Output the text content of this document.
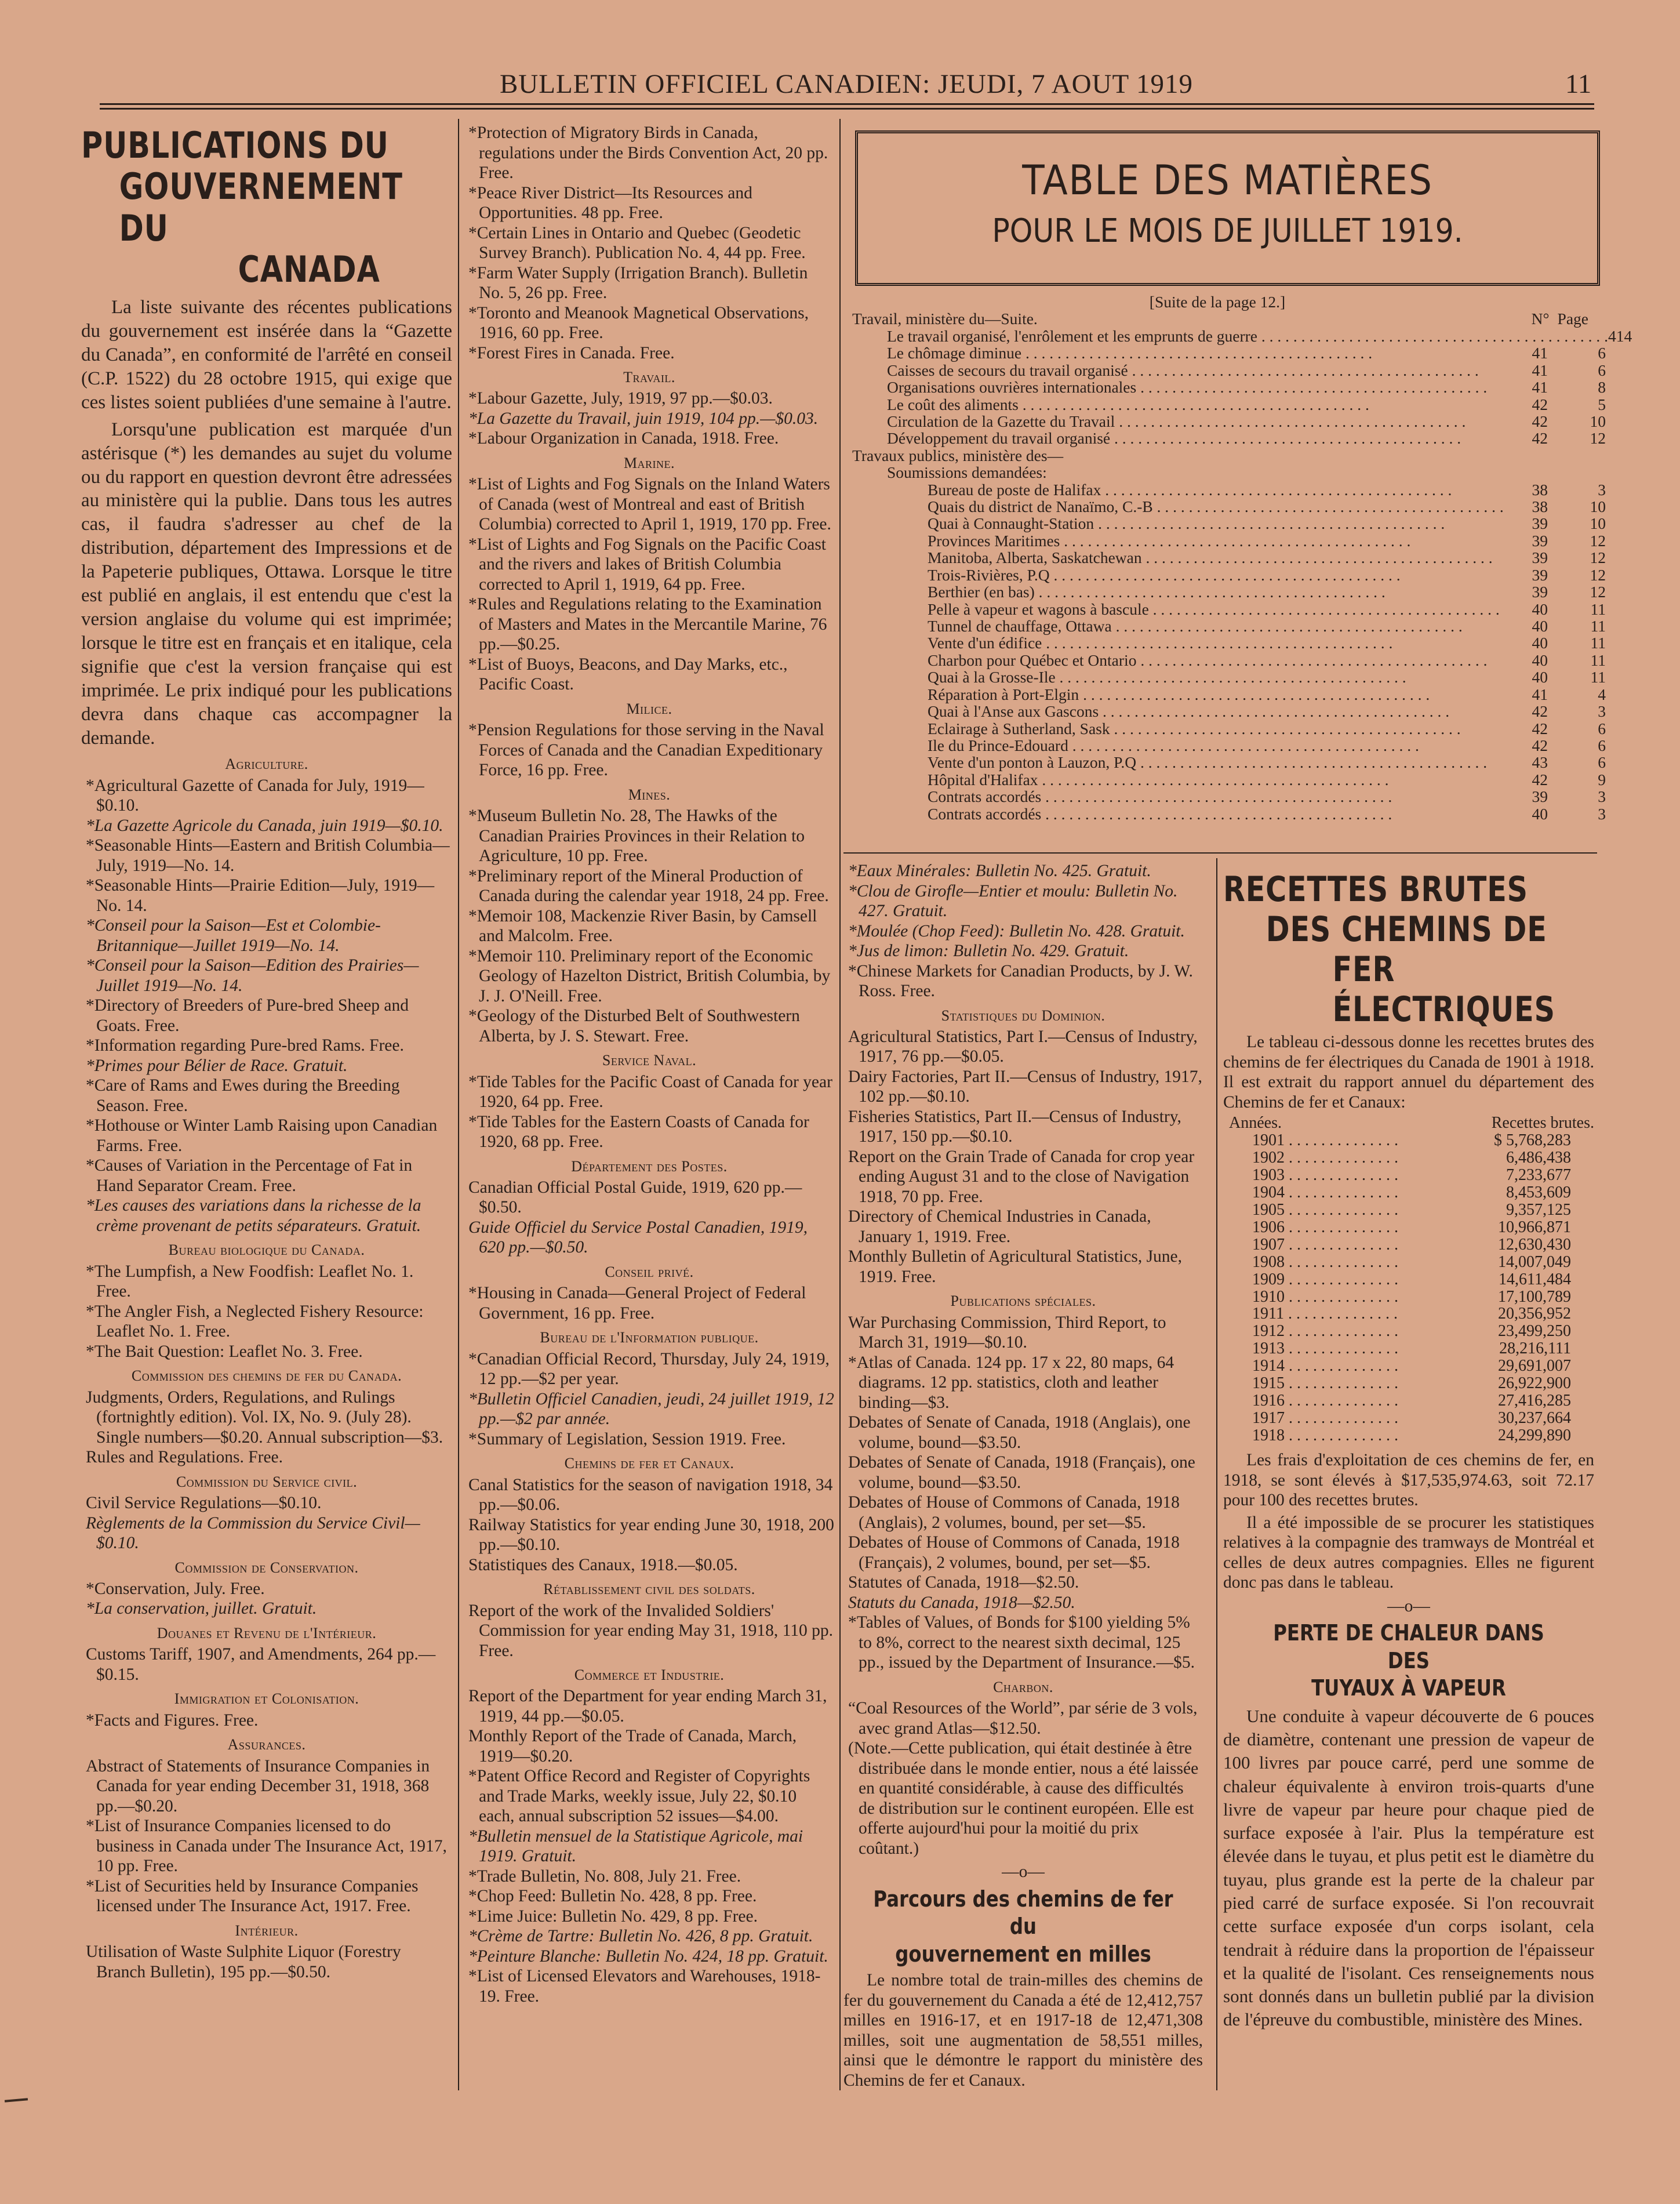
BULLETIN OFFICIEL CANADIEN: JEUDI, 7 AOUT 1919	11
PUBLICATIONS DU
GOUVERNEMENT DU
CANADA

La liste suivante des récentes publications du gouvernement est insérée dans la “Gazette du Canada”, en conformité de l'arrêté en conseil (C.P. 1522) du 28 octobre 1915, qui exige que ces listes soient publiées d'une semaine à l'autre.

Lorsqu'une publication est marquée d'un astérisque (*) les demandes au sujet du volume ou du rapport en question devront être adressées au ministère qui la publie. Dans tous les autres cas, il faudra s'adresser au chef de la distribution, département des Impressions et de la Papeterie publiques, Ottawa. Lorsque le titre est publié en anglais, il est entendu que c'est la version anglaise du volume qui est imprimée; lorsque le titre est en français et en italique, cela signifie que c'est la version française qui est imprimée. Le prix indiqué pour les publications devra dans chaque cas accompagner la demande.

Agriculture.

*Agricultural Gazette of Canada for July, 1919—$0.10.

*La Gazette Agricole du Canada, juin 1919—$0.10.

*Seasonable Hints—Eastern and British Columbia—July, 1919—No. 14.

*Seasonable Hints—Prairie Edition—July, 1919—No. 14.

*Conseil pour la Saison—Est et Colombie-Britannique—Juillet 1919—No. 14.

*Conseil pour la Saison—Edition des Prairies—Juillet 1919—No. 14.

*Directory of Breeders of Pure-bred Sheep and Goats. Free.

*Information regarding Pure-bred Rams. Free.

*Primes pour Bélier de Race. Gratuit.

*Care of Rams and Ewes during the Breeding Season. Free.

*Hothouse or Winter Lamb Raising upon Canadian Farms. Free.

*Causes of Variation in the Percentage of Fat in Hand Separator Cream. Free.

*Les causes des variations dans la richesse de la crème provenant de petits séparateurs. Gratuit.

Bureau biologique du Canada.

*The Lumpfish, a New Foodfish: Leaflet No. 1. Free.

*The Angler Fish, a Neglected Fishery Resource: Leaflet No. 1. Free.

*The Bait Question: Leaflet No. 3. Free.

Commission des chemins de fer du Canada.

Judgments, Orders, Regulations, and Rulings (fortnightly edition). Vol. IX, No. 9. (July 28). Single numbers—$0.20. Annual subscription—$3.

Rules and Regulations. Free.

Commission du Service civil.

Civil Service Regulations—$0.10.

Règlements de la Commission du Service Civil—$0.10.

Commission de Conservation.

*Conservation, July. Free.

*La conservation, juillet. Gratuit.

Douanes et Revenu de l'Intérieur.

Customs Tariff, 1907, and Amendments, 264 pp.—$0.15.

Immigration et Colonisation.

*Facts and Figures. Free.

Assurances.

Abstract of Statements of Insurance Companies in Canada for year ending December 31, 1918, 368 pp.—$0.20.

*List of Insurance Companies licensed to do business in Canada under The Insurance Act, 1917, 10 pp. Free.

*List of Securities held by Insurance Companies licensed under The Insurance Act, 1917. Free.

Intérieur.

Utilisation of Waste Sulphite Liquor (Forestry Branch Bulletin), 195 pp.—$0.50.

*Protection of Migratory Birds in Canada, regulations under the Birds Convention Act, 20 pp. Free.

*Peace River District—Its Resources and Opportunities. 48 pp. Free.

*Certain Lines in Ontario and Quebec (Geodetic Survey Branch). Publication No. 4, 44 pp. Free.

*Farm Water Supply (Irrigation Branch). Bulletin No. 5, 26 pp. Free.

*Toronto and Meanook Magnetical Observations, 1916, 60 pp. Free.

*Forest Fires in Canada. Free.

Travail.

*Labour Gazette, July, 1919, 97 pp.—$0.03.

*La Gazette du Travail, juin 1919, 104 pp.—$0.03.

*Labour Organization in Canada, 1918. Free.

Marine.

*List of Lights and Fog Signals on the Inland Waters of Canada (west of Montreal and east of British Columbia) corrected to April 1, 1919, 170 pp. Free.

*List of Lights and Fog Signals on the Pacific Coast and the rivers and lakes of British Columbia corrected to April 1, 1919, 64 pp. Free.

*Rules and Regulations relating to the Examination of Masters and Mates in the Mercantile Marine, 76 pp.—$0.25.

*List of Buoys, Beacons, and Day Marks, etc., Pacific Coast.

Milice.

*Pension Regulations for those serving in the Naval Forces of Canada and the Canadian Expeditionary Force, 16 pp. Free.

Mines.

*Museum Bulletin No. 28, The Hawks of the Canadian Prairies Provinces in their Relation to Agriculture, 10 pp. Free.

*Preliminary report of the Mineral Production of Canada during the calendar year 1918, 24 pp. Free.

*Memoir 108, Mackenzie River Basin, by Camsell and Malcolm. Free.

*Memoir 110. Preliminary report of the Economic Geology of Hazelton District, British Columbia, by J. J. O'Neill. Free.

*Geology of the Disturbed Belt of Southwestern Alberta, by J. S. Stewart. Free.

Service Naval.

*Tide Tables for the Pacific Coast of Canada for year 1920, 64 pp. Free.

*Tide Tables for the Eastern Coasts of Canada for 1920, 68 pp. Free.

Département des Postes.

Canadian Official Postal Guide, 1919, 620 pp.—$0.50.

Guide Officiel du Service Postal Canadien, 1919, 620 pp.—$0.50.

Conseil privé.

*Housing in Canada—General Project of Federal Government, 16 pp. Free.

Bureau de l'Information publique.

*Canadian Official Record, Thursday, July 24, 1919, 12 pp.—$2 per year.

*Bulletin Officiel Canadien, jeudi, 24 juillet 1919, 12 pp.—$2 par année.

*Summary of Legislation, Session 1919. Free.

Chemins de fer et Canaux.

Canal Statistics for the season of navigation 1918, 34 pp.—$0.06.

Railway Statistics for year ending June 30, 1918, 200 pp.—$0.10.

Statistiques des Canaux, 1918.—$0.05.

Rétablissement civil des soldats.

Report of the work of the Invalided Soldiers' Commission for year ending May 31, 1918, 110 pp. Free.

Commerce et Industrie.

Report of the Department for year ending March 31, 1919, 44 pp.—$0.05.

Monthly Report of the Trade of Canada, March, 1919—$0.20.

*Patent Office Record and Register of Copyrights and Trade Marks, weekly issue, July 22, $0.10 each, annual subscription 52 issues—$4.00.

*Bulletin mensuel de la Statistique Agricole, mai 1919. Gratuit.

*Trade Bulletin, No. 808, July 21. Free.

*Chop Feed: Bulletin No. 428, 8 pp. Free.

*Lime Juice: Bulletin No. 429, 8 pp. Free.

*Crème de Tartre: Bulletin No. 426, 8 pp. Gratuit.

*Peinture Blanche: Bulletin No. 424, 18 pp. Gratuit.

*List of Licensed Elevators and Warehouses, 1918-19. Free.

TABLE DES MATIÈRES
POUR LE MOIS DE JUILLET 1919.
[Suite de la page 12.]
Travail, ministère du—Suite.	N° Page
Le travail organisé, l'enrôlement et les emprunts de guerre . . . . . . . . . . . . . . . . . . . . . . . . . . . . . . . . . . . . . . . . . . . . 41 4
Le chômage diminue . . . . . . . . . . . . . . . . . . . . . . . . . . . . . . . . . . . . . . . . . . . .	41	6
Caisses de secours du travail organisé . . . . . . . . . . . . . . . . . . . . . . . . . . . . . . . . . . . . . . . . . . . .	41	6
Organisations ouvrières internationales . . . . . . . . . . . . . . . . . . . . . . . . . . . . . . . . . . . . . . . . . . . .	41	8
Le coût des aliments . . . . . . . . . . . . . . . . . . . . . . . . . . . . . . . . . . . . . . . . . . . .	42	5
Circulation de la Gazette du Travail . . . . . . . . . . . . . . . . . . . . . . . . . . . . . . . . . . . . . . . . . . . .	42	10
Développement du travail organisé . . . . . . . . . . . . . . . . . . . . . . . . . . . . . . . . . . . . . . . . . . . .	42	12
Travaux publics, ministère des—
Soumissions demandées:
Bureau de poste de Halifax . . . . . . . . . . . . . . . . . . . . . . . . . . . . . . . . . . . . . . . . . . . .	38	3
Quais du district de Nanaïmo, C.-B . . . . . . . . . . . . . . . . . . . . . . . . . . . . . . . . . . . . . . . . . . . .	38	10
Quai à Connaught-Station . . . . . . . . . . . . . . . . . . . . . . . . . . . . . . . . . . . . . . . . . . . .	39	10
Provinces Maritimes . . . . . . . . . . . . . . . . . . . . . . . . . . . . . . . . . . . . . . . . . . . .	39	12
Manitoba, Alberta, Saskatchewan . . . . . . . . . . . . . . . . . . . . . . . . . . . . . . . . . . . . . . . . . . . .	39	12
Trois-Rivières, P.Q . . . . . . . . . . . . . . . . . . . . . . . . . . . . . . . . . . . . . . . . . . . .	39	12
Berthier (en bas) . . . . . . . . . . . . . . . . . . . . . . . . . . . . . . . . . . . . . . . . . . . .	39	12
Pelle à vapeur et wagons à bascule . . . . . . . . . . . . . . . . . . . . . . . . . . . . . . . . . . . . . . . . . . . .	40	11
Tunnel de chauffage, Ottawa . . . . . . . . . . . . . . . . . . . . . . . . . . . . . . . . . . . . . . . . . . . .	40	11
Vente d'un édifice . . . . . . . . . . . . . . . . . . . . . . . . . . . . . . . . . . . . . . . . . . . .	40	11
Charbon pour Québec et Ontario . . . . . . . . . . . . . . . . . . . . . . . . . . . . . . . . . . . . . . . . . . . .	40	11
Quai à la Grosse-Ile . . . . . . . . . . . . . . . . . . . . . . . . . . . . . . . . . . . . . . . . . . . .	40	11
Réparation à Port-Elgin . . . . . . . . . . . . . . . . . . . . . . . . . . . . . . . . . . . . . . . . . . . .	41	4
Quai à l'Anse aux Gascons . . . . . . . . . . . . . . . . . . . . . . . . . . . . . . . . . . . . . . . . . . . .	42	3
Eclairage à Sutherland, Sask . . . . . . . . . . . . . . . . . . . . . . . . . . . . . . . . . . . . . . . . . . . .	42	6
Ile du Prince-Edouard . . . . . . . . . . . . . . . . . . . . . . . . . . . . . . . . . . . . . . . . . . . .	42	6
Vente d'un ponton à Lauzon, P.Q . . . . . . . . . . . . . . . . . . . . . . . . . . . . . . . . . . . . . . . . . . . .	43	6
Hôpital d'Halifax . . . . . . . . . . . . . . . . . . . . . . . . . . . . . . . . . . . . . . . . . . . .	42	9
Contrats accordés . . . . . . . . . . . . . . . . . . . . . . . . . . . . . . . . . . . . . . . . . . . .	39	3
Contrats accordés . . . . . . . . . . . . . . . . . . . . . . . . . . . . . . . . . . . . . . . . . . . .	40	3

*Eaux Minérales: Bulletin No. 425. Gratuit.

*Clou de Girofle—Entier et moulu: Bulletin No. 427. Gratuit.

*Moulée (Chop Feed): Bulletin No. 428. Gratuit.

*Jus de limon: Bulletin No. 429. Gratuit.

*Chinese Markets for Canadian Products, by J. W. Ross. Free.

Statistiques du Dominion.

Agricultural Statistics, Part I.—Census of Industry, 1917, 76 pp.—$0.05.

Dairy Factories, Part II.—Census of Industry, 1917, 102 pp.—$0.10.

Fisheries Statistics, Part II.—Census of Industry, 1917, 150 pp.—$0.10.

Report on the Grain Trade of Canada for crop year ending August 31 and to the close of Navigation 1918, 70 pp. Free.

Directory of Chemical Industries in Canada, January 1, 1919. Free.

Monthly Bulletin of Agricultural Statistics, June, 1919. Free.

Publications spéciales.

War Purchasing Commission, Third Report, to March 31, 1919—$0.10.

*Atlas of Canada. 124 pp. 17 x 22, 80 maps, 64 diagrams. 12 pp. statistics, cloth and leather binding—$3.

Debates of Senate of Canada, 1918 (Anglais), one volume, bound—$3.50.

Debates of Senate of Canada, 1918 (Français), one volume, bound—$3.50.

Debates of House of Commons of Canada, 1918 (Anglais), 2 volumes, bound, per set—$5.

Debates of House of Commons of Canada, 1918 (Français), 2 volumes, bound, per set—$5.

Statutes of Canada, 1918—$2.50.

Statuts du Canada, 1918—$2.50.

*Tables of Values, of Bonds for $100 yielding 5% to 8%, correct to the nearest sixth decimal, 125 pp., issued by the Department of Insurance.—$5.

Charbon.

“Coal Resources of the World”, par série de 3 vols, avec grand Atlas—$12.50.

(Note.—Cette publication, qui était destinée à être distribuée dans le monde entier, nous a été laissée en quantité considérable, à cause des difficultés de distribution sur le continent européen. Elle est offerte aujourd'hui pour la moitié du prix coûtant.)

—o—
Parcours des chemins de fer du
gouvernement en milles

Le nombre total de train-milles des chemins de fer du gouvernement du Canada a été de 12,412,757 milles en 1916-17, et en 1917-18 de 12,471,308 milles, soit une augmentation de 58,551 milles, ainsi que le démontre le rapport du ministère des Chemins de fer et Canaux.

RECETTES BRUTES
DES CHEMINS DE
FER ÉLECTRIQUES

Le tableau ci-dessous donne les recettes brutes des chemins de fer électriques du Canada de 1901 à 1918. Il est extrait du rapport annuel du département des Chemins de fer et Canaux:

Années.	Recettes brutes.
1901 . . . . . . . . . . . . . .	$ 5,768,283
1902 . . . . . . . . . . . . . .	6,486,438
1903 . . . . . . . . . . . . . .	7,233,677
1904 . . . . . . . . . . . . . .	8,453,609
1905 . . . . . . . . . . . . . .	9,357,125
1906 . . . . . . . . . . . . . .	10,966,871
1907 . . . . . . . . . . . . . .	12,630,430
1908 . . . . . . . . . . . . . .	14,007,049
1909 . . . . . . . . . . . . . .	14,611,484
1910 . . . . . . . . . . . . . .	17,100,789
1911 . . . . . . . . . . . . . .	20,356,952
1912 . . . . . . . . . . . . . .	23,499,250
1913 . . . . . . . . . . . . . .	28,216,111
1914 . . . . . . . . . . . . . .	29,691,007
1915 . . . . . . . . . . . . . .	26,922,900
1916 . . . . . . . . . . . . . .	27,416,285
1917 . . . . . . . . . . . . . .	30,237,664
1918 . . . . . . . . . . . . . .	24,299,890

Les frais d'exploitation de ces chemins de fer, en 1918, se sont élevés à $17,535,974.63, soit 72.17 pour 100 des recettes brutes.

Il a été impossible de se procurer les statistiques relatives à la compagnie des tramways de Montréal et celles de deux autres compagnies. Elles ne figurent donc pas dans le tableau.

—o—
PERTE DE CHALEUR DANS DES
TUYAUX À VAPEUR

Une conduite à vapeur découverte de 6 pouces de diamètre, contenant une pression de vapeur de 100 livres par pouce carré, perd une somme de chaleur équivalente à environ trois-quarts d'une livre de vapeur par heure pour chaque pied de surface exposée à l'air. Plus la température est élevée dans le tuyau, et plus petit est le diamètre du tuyau, plus grande est la perte de la chaleur par pied carré de surface exposée. Si l'on recouvrait cette surface exposée d'un corps isolant, cela tendrait à réduire dans la proportion de l'épaisseur et la qualité de l'isolant. Ces renseignements nous sont donnés dans un bulletin publié par la division de l'épreuve du combustible, ministère des Mines.
